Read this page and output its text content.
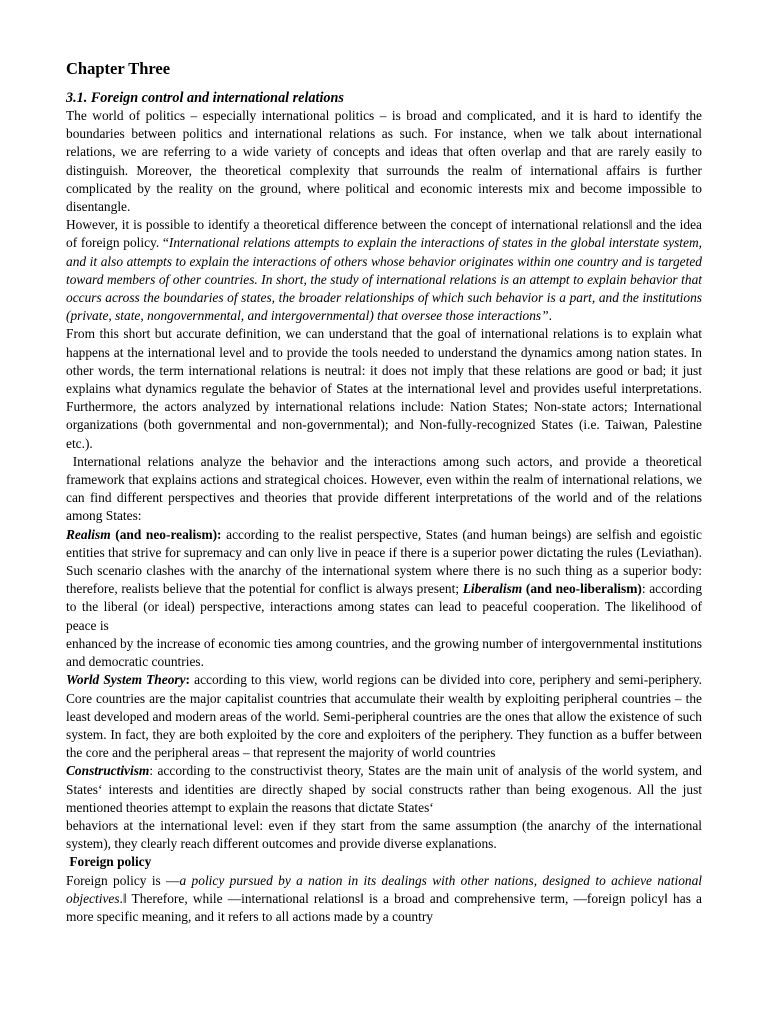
Chapter Three
3.1. Foreign control and international relations

The world of politics – especially international politics – is broad and complicated, and it is hard to identify the boundaries between politics and international relations as such. For instance, when we talk about international relations, we are referring to a wide variety of concepts and ideas that often overlap and that are rarely easily to distinguish. Moreover, the theoretical complexity that surrounds the realm of international affairs is further complicated by the reality on the ground, where political and economic interests mix and become impossible to disentangle.

However, it is possible to identify a theoretical difference between the concept of international relations‖ and the idea of foreign policy. “International relations attempts to explain the interactions of states in the global interstate system, and it also attempts to explain the interactions of others whose behavior originates within one country and is targeted toward members of other countries. In short, the study of international relations is an attempt to explain behavior that occurs across the boundaries of states, the broader relationships of which such behavior is a part, and the institutions (private, state, nongovernmental, and intergovernmental) that oversee those interactions”.

From this short but accurate definition, we can understand that the goal of international relations is to explain what happens at the international level and to provide the tools needed to understand the dynamics among nation states. In other words, the term international relations is neutral: it does not imply that these relations are good or bad; it just explains what dynamics regulate the behavior of States at the international level and provides useful interpretations. Furthermore, the actors analyzed by international relations include: Nation States; Non-state actors; International organizations (both governmental and non-governmental); and Non-fully-recognized States (i.e. Taiwan, Palestine etc.).

International relations analyze the behavior and the interactions among such actors, and provide a theoretical framework that explains actions and strategical choices. However, even within the realm of international relations, we can find different perspectives and theories that provide different interpretations of the world and of the relations among States:

Realism (and neo-realism): according to the realist perspective, States (and human beings) are selfish and egoistic entities that strive for supremacy and can only live in peace if there is a superior power dictating the rules (Leviathan). Such scenario clashes with the anarchy of the international system where there is no such thing as a superior body: therefore, realists believe that the potential for conflict is always present; Liberalism (and neo-liberalism): according to the liberal (or ideal) perspective, interactions among states can lead to peaceful cooperation. The likelihood of peace is

enhanced by the increase of economic ties among countries, and the growing number of intergovernmental institutions and democratic countries.

World System Theory: according to this view, world regions can be divided into core, periphery and semi-periphery. Core countries are the major capitalist countries that accumulate their wealth by exploiting peripheral countries – the least developed and modern areas of the world. Semi-peripheral countries are the ones that allow the existence of such system. In fact, they are both exploited by the core and exploiters of the periphery. They function as a buffer between the core and the peripheral areas – that represent the majority of world countries

Constructivism: according to the constructivist theory, States are the main unit of analysis of the world system, and States‘ interests and identities are directly shaped by social constructs rather than being exogenous. All the just mentioned theories attempt to explain the reasons that dictate States‘

behaviors at the international level: even if they start from the same assumption (the anarchy of the international system), they clearly reach different outcomes and provide diverse explanations.

Foreign policy

Foreign policy is —a policy pursued by a nation in its dealings with other nations, designed to achieve national objectives.‖ Therefore, while —international relations‖ is a broad and comprehensive term, —foreign policy‖ has a more specific meaning, and it refers to all actions made by a country
